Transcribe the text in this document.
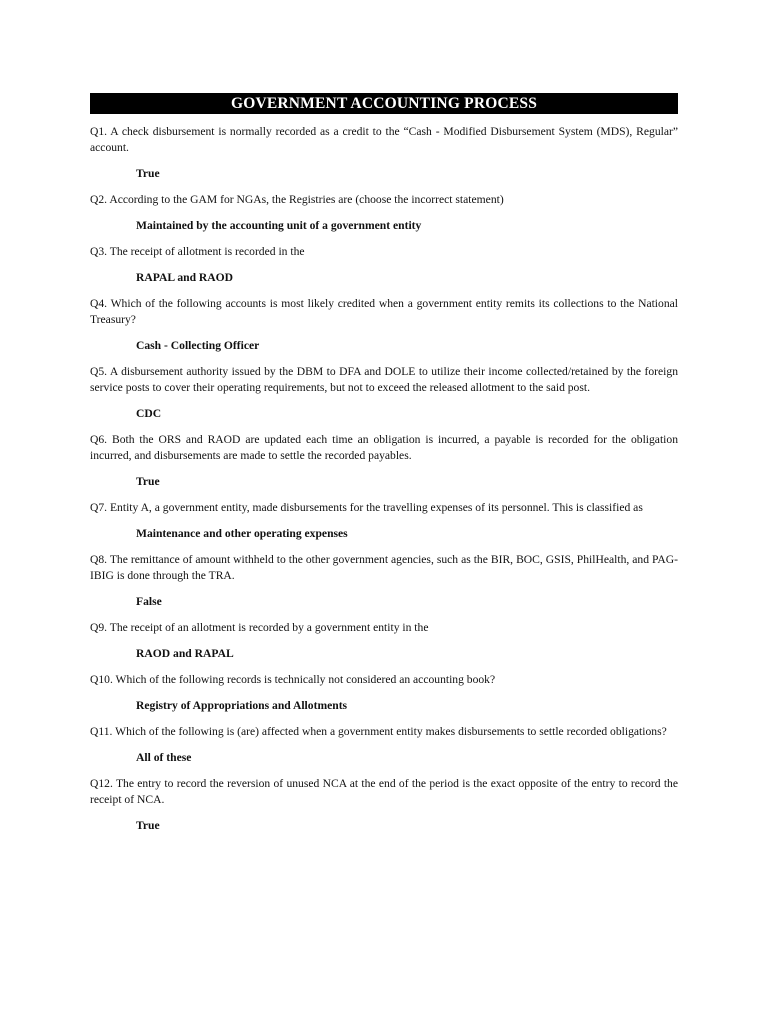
GOVERNMENT ACCOUNTING PROCESS

Q1. A check disbursement is normally recorded as a credit to the “Cash - Modified Disbursement System (MDS), Regular” account.

True

Q2. According to the GAM for NGAs, the Registries are (choose the incorrect statement)

Maintained by the accounting unit of a government entity

Q3. The receipt of allotment is recorded in the

RAPAL and RAOD

Q4. Which of the following accounts is most likely credited when a government entity remits its collections to the National Treasury?

Cash - Collecting Officer

Q5. A disbursement authority issued by the DBM to DFA and DOLE to utilize their income collected/retained by the foreign service posts to cover their operating requirements, but not to exceed the released allotment to the said post.

CDC

Q6. Both the ORS and RAOD are updated each time an obligation is incurred, a payable is recorded for the obligation incurred, and disbursements are made to settle the recorded payables.

True

Q7. Entity A, a government entity, made disbursements for the travelling expenses of its personnel. This is classified as

Maintenance and other operating expenses

Q8. The remittance of amount withheld to the other government agencies, such as the BIR, BOC, GSIS, PhilHealth, and PAG-IBIG is done through the TRA.

False

Q9. The receipt of an allotment is recorded by a government entity in the

RAOD and RAPAL

Q10. Which of the following records is technically not considered an accounting book?

Registry of Appropriations and Allotments

Q11. Which of the following is (are) affected when a government entity makes disbursements to settle recorded obligations?

All of these

Q12. The entry to record the reversion of unused NCA at the end of the period is the exact opposite of the entry to record the receipt of NCA.

True
